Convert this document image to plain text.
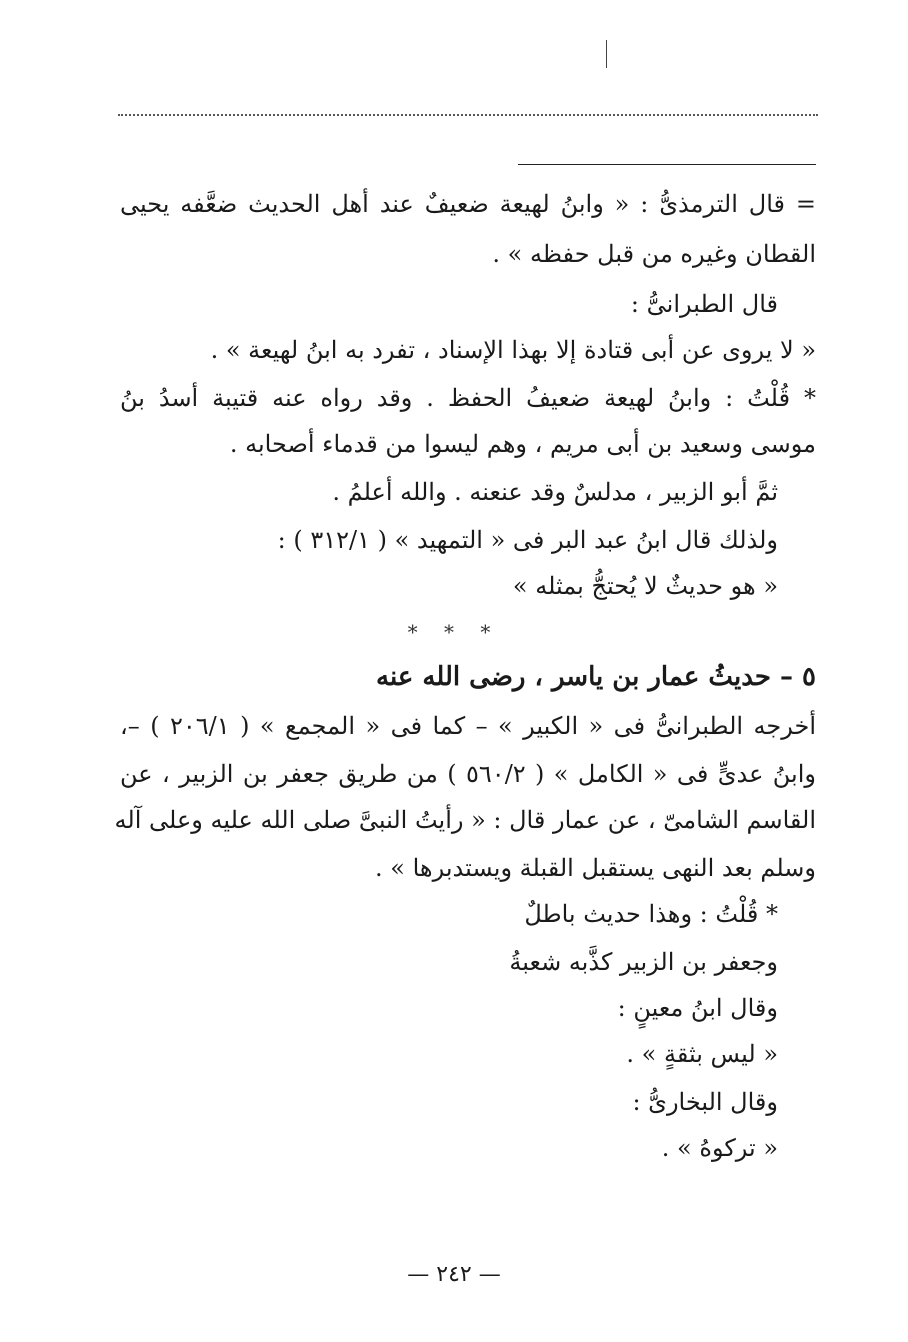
= قال الترمذىُّ : « وابنُ لهيعة ضعيفٌ عند أهل الحديث ضعَّفه يحيى
القطان وغيره من قبل حفظه » .
قال الطبرانىُّ :
« لا يروى عن أبى قتادة إلا بهذا الإسناد ، تفرد به ابنُ لهيعة » .
* قُلْتُ : وابنُ لهيعة ضعيفُ الحفظ . وقد رواه عنه قتيبة أسدُ بنُ
موسى وسعيد بن أبى مريم ، وهم ليسوا من قدماء أصحابه .
ثمَّ أبو الزبير ، مدلسٌ وقد عنعنه . والله أعلمُ .
ولذلك قال ابنُ عبد البر فى « التمهيد » ( ٣١٢/١ ) :
« هو حديثٌ لا يُحتجُّ بمثله »
* * *
٥ – حديثُ عمار بن ياسر ، رضى الله عنه
أخرجه الطبرانىُّ فى « الكبير » – كما فى « المجمع » ( ٢٠٦/١ ) –،
وابنُ عدىٍّ فى « الكامل » ( ٥٦٠/٢ ) من طريق جعفر بن الزبير ، عن
القاسم الشامىّ ، عن عمار قال : « رأيتُ النبىَّ صلى الله عليه وعلى آله
وسلم بعد النهى يستقبل القبلة ويستدبرها » .
* قُلْتُ : وهذا حديث باطلٌ
وجعفر بن الزبير كذَّبه شعبةُ
وقال ابنُ معينٍ :
« ليس بثقةٍ » .
وقال البخارىُّ :
« تركوهُ » .
— ٢٤٢ —
